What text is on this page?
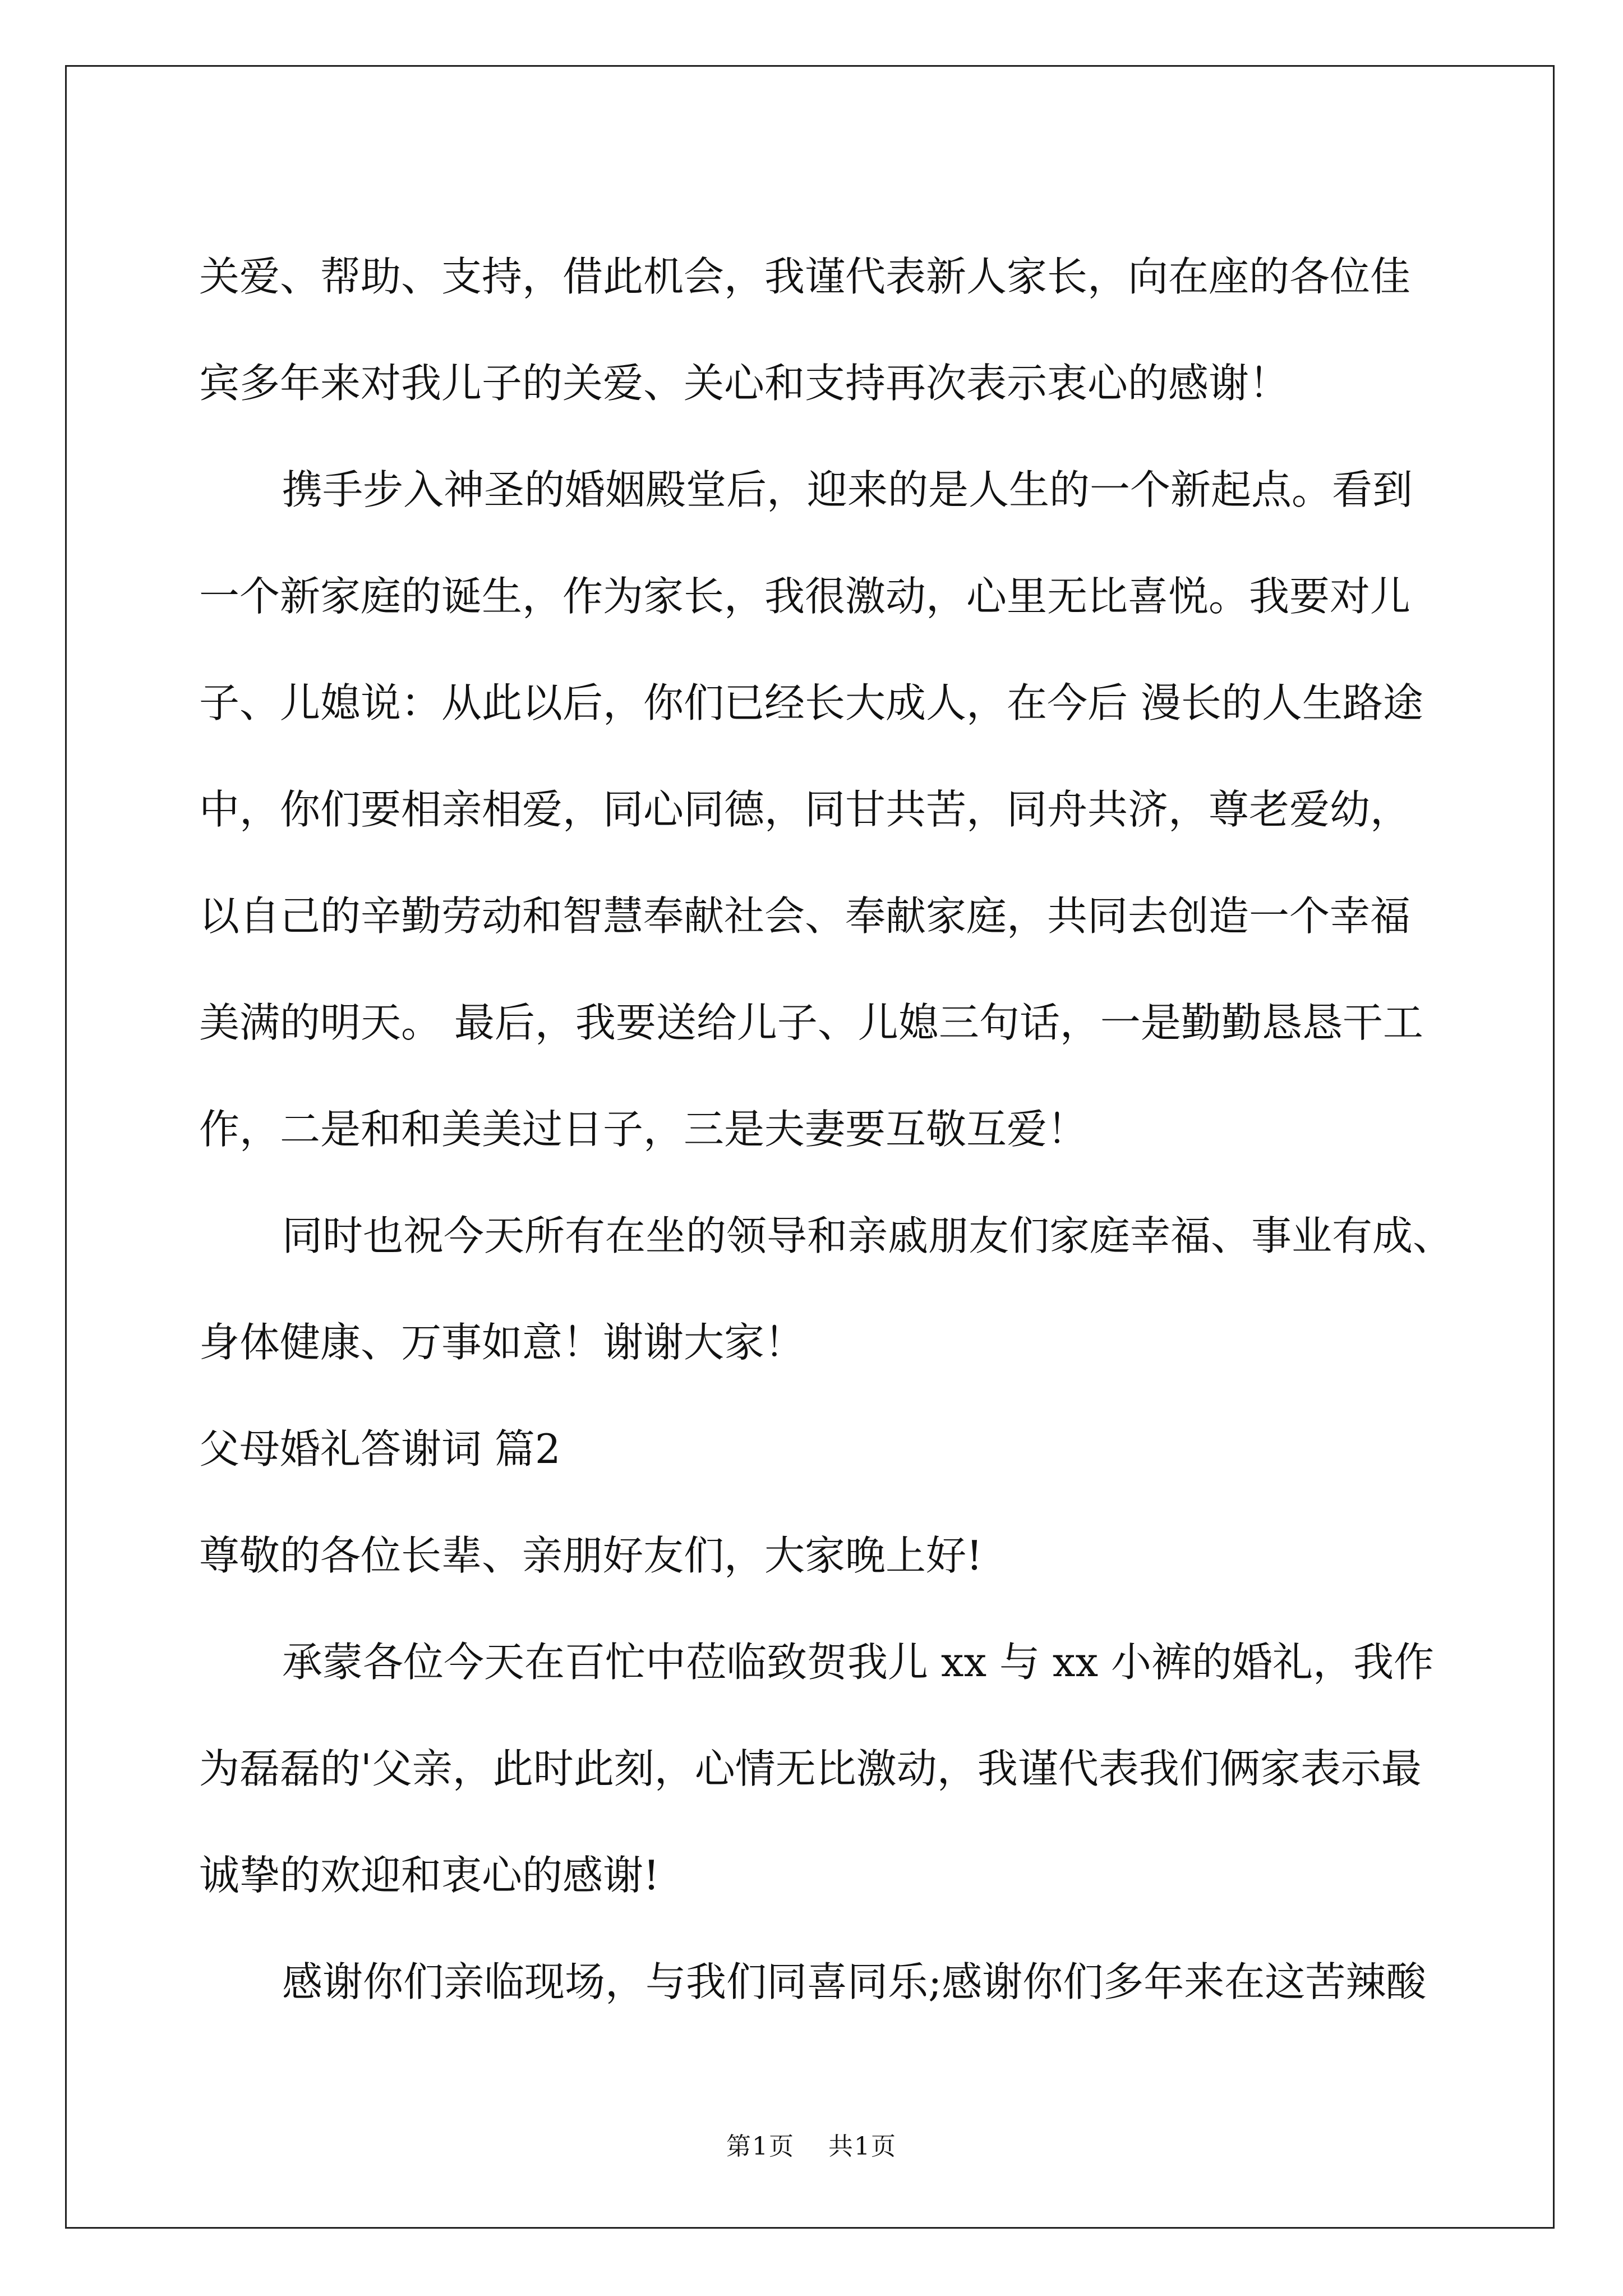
关爱、帮助、支持，借此机会，我谨代表新人家长，向在座的各位佳
宾多年来对我儿子的关爱、关心和支持再次表示衷心的感谢！
携手步入神圣的婚姻殿堂后，迎来的是人生的一个新起点。看到
一个新家庭的诞生，作为家长，我很激动，心里无比喜悦。我要对儿
子、儿媳说：从此以后，你们已经长大成人，在今后 漫长的人生路途
中，你们要相亲相爱，同心同德，同甘共苦，同舟共济，尊老爱幼，
以自己的辛勤劳动和智慧奉献社会、奉献家庭，共同去创造一个幸福
美满的明天。 最后，我要送给儿子、儿媳三句话，一是勤勤恳恳干工
作，二是和和美美过日子，三是夫妻要互敬互爱！
同时也祝今天所有在坐的领导和亲戚朋友们家庭幸福、事业有成、
身体健康、万事如意！谢谢大家！
父母婚礼答谢词 篇2
尊敬的各位长辈、亲朋好友们，大家晚上好!
承蒙各位今天在百忙中莅临致贺我儿 xx 与 xx 小裤的婚礼，我作
为磊磊的'父亲，此时此刻，心情无比激动，我谨代表我们俩家表示最
诚挚的欢迎和衷心的感谢!
感谢你们亲临现场，与我们同喜同乐;感谢你们多年来在这苦辣酸
第1页 共1页
